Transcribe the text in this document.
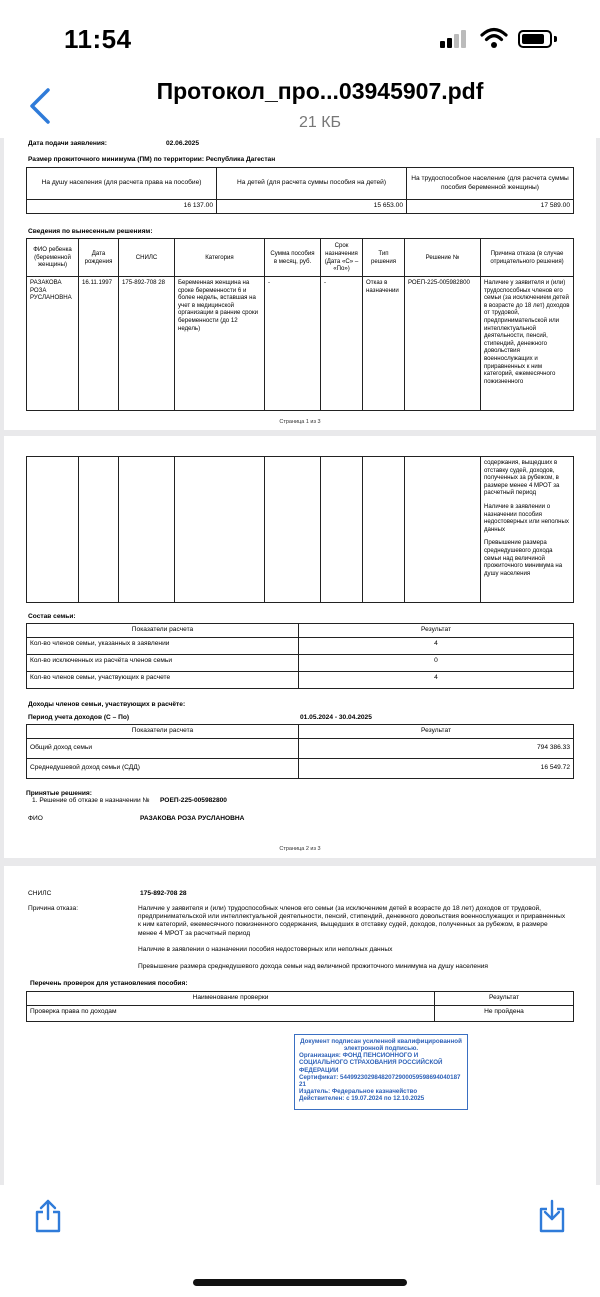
11:54
Протокол_про...03945907.pdf
21 КБ
Дата подачи заявления:	02.06.2025
Размер прожиточного минимума (ПМ) по территории: Республика Дагестан
На душу населения (для расчета права на пособие)	На детей (для расчета суммы пособия на детей)	На трудоспособное население (для расчета суммы пособия беременной женщины)
16 137.00	15 653.00	17 589.00
Сведения по вынесенным решениям:
ФИО ребенка (беременной женщины)	Дата рождения	СНИЛС	Категория	Сумма пособия в месяц, руб.	Срок назначения (Дата «С» – «По»)	Тип решения	Решение №	Причина отказа (в случае отрицательного решения)
РАЗАКОВА РОЗА РУСЛАНОВНА	16.11.1997	175-892-708 28	Беременная женщина на сроке беременности 6 и более недель, вставшая на учет в медицинской организации в ранние сроки беременности (до 12 недель)	-	-	Отказ в назначении	РОЕП-225-005982800	Наличие у заявителя и (или) трудоспособных членов его семьи (за исключением детей в возрасте до 18 лет) доходов от трудовой, предпринимательской или интеллектуальной деятельности, пенсий, стипендий, денежного довольствия военнослужащих и приравненных к ним категорий, ежемесячного пожизненного
Страница 1 из 3

содержания, выщедших в отставку судей, доходов, полученных за рубежом, в размере менее 4 МРОТ за расчетный период
Наличие в заявлении о назначении пособия недостоверных или неполных данных
Превышение размера среднедушевого дохода семьи над величиной прожиточного минимума на душу населения
Состав семьи:
Показатели расчета	Результат
Кол-во членов семьи, указанных в заявлении	4
Кол-во исключенных из расчёта членов семьи	0
Кол-во членов семьи, участвующих в расчете	4
Доходы членов семьи, участвующих в расчёте:
Период учета доходов (С – По)	01.05.2024 - 30.04.2025
Показатели расчета	Результат
Общий доход семьи	794 386.33
Среднедушевой доход семьи (СДД)	16 549.72
Принятые решения:
1. Решение об отказе в назначении № РОЕП-225-005982800
ФИО	РАЗАКОВА РОЗА РУСЛАНОВНА
Страница 2 из 3
СНИЛС	175-892-708 28
Причина отказа:	Наличие у заявителя и (или) трудоспособных членов его семьи (за исключением детей в возрасте до 18 лет) доходов от трудовой, предпринимательской или интеллектуальной деятельности, пенсий, стипендий, денежного довольствия военнослужащих и приравненных к ним категорий, ежемесячного пожизненного содержания, выщедших в отставку судей, доходов, полученных за рубежом, в размере менее 4 МРОТ за расчетный период
Наличие в заявлении о назначении пособия недостоверных или неполных данных
Превышение размера среднедушевого дохода семьи над величиной прожиточного минимума на душу населения
Перечень проверок для установления пособия:
Наименование проверки	Результат
Проверка права по доходам	Не пройдена
Документ подписан усиленной квалифицированной электронной подписью.
Организация: ФОНД ПЕНСИОННОГО И СОЦИАЛЬНОГО СТРАХОВАНИЯ РОССИЙСКОЙ ФЕДЕРАЦИИ
Сертификат: 5449923029848207290005959869404018721
Издатель: Федеральное казначейство
Действителен: с 19.07.2024 по 12.10.2025
